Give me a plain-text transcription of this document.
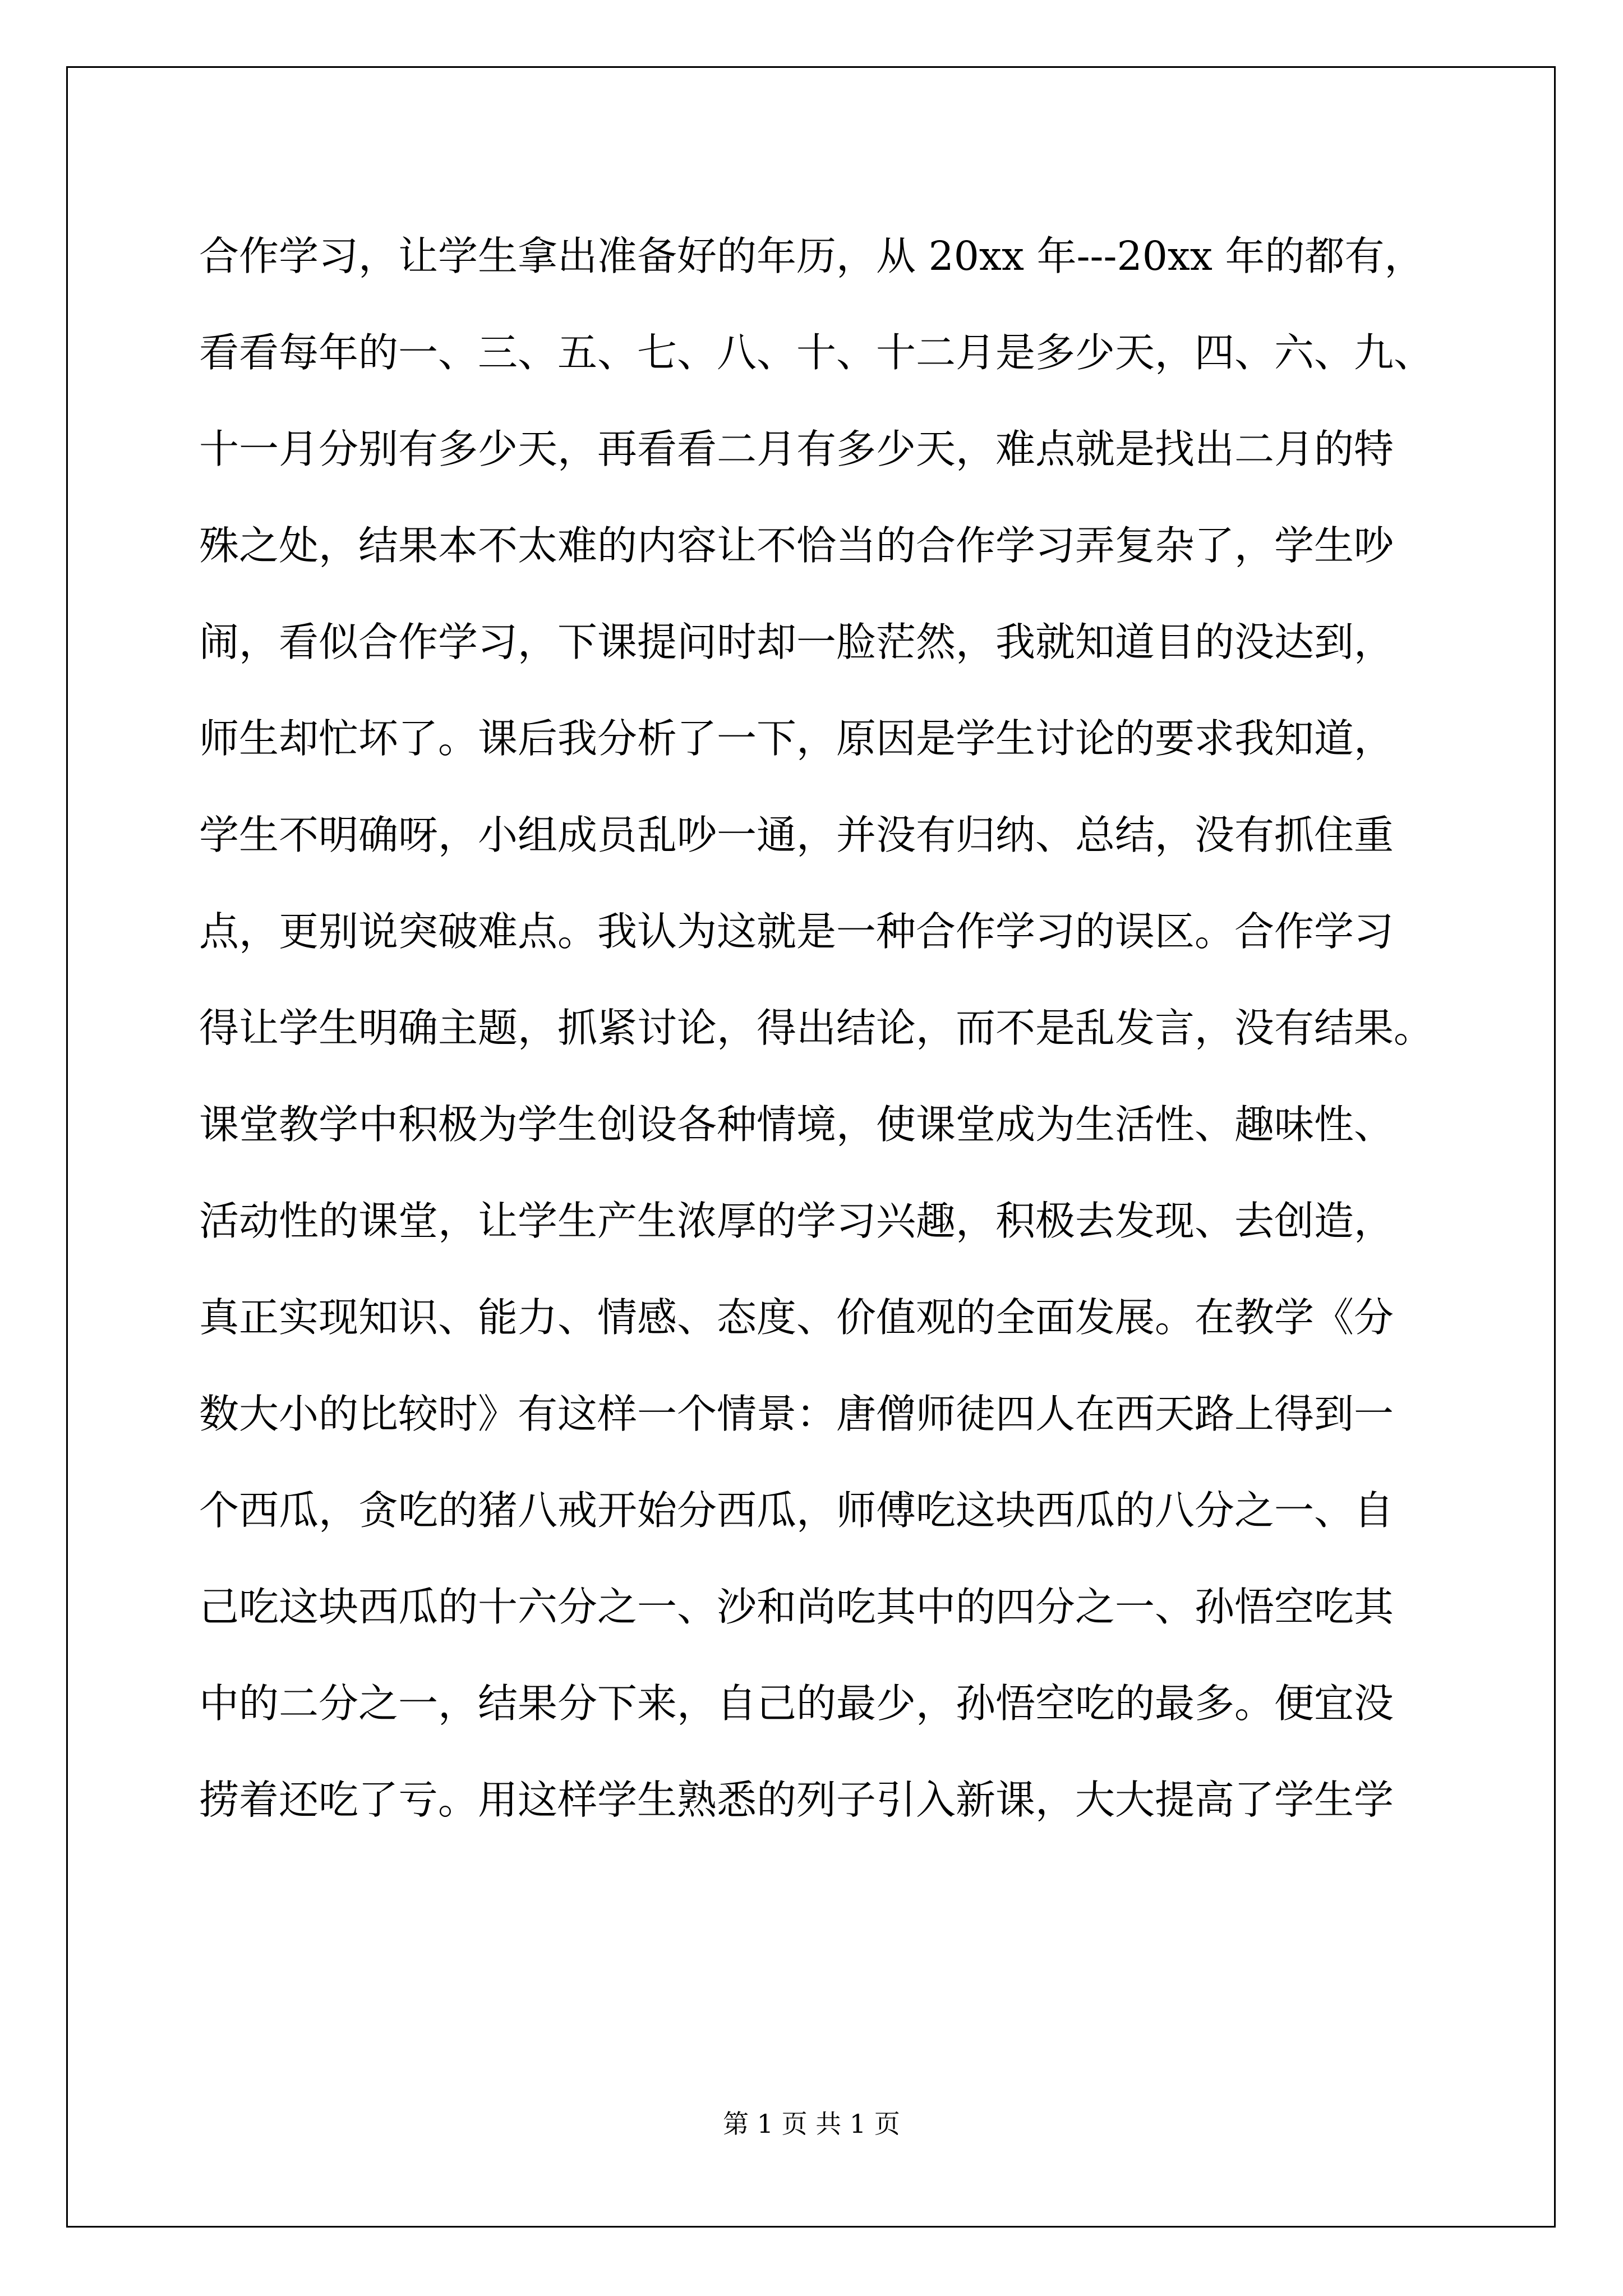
合作学习，让学生拿出准备好的年历，从 20xx 年---20xx 年的都有，
看看每年的一、三、五、七、八、十、十二月是多少天，四、六、九、
十一月分别有多少天，再看看二月有多少天，难点就是找出二月的特
殊之处，结果本不太难的内容让不恰当的合作学习弄复杂了，学生吵
闹，看似合作学习，下课提问时却一脸茫然，我就知道目的没达到，
师生却忙坏了。课后我分析了一下，原因是学生讨论的要求我知道，
学生不明确呀，小组成员乱吵一通，并没有归纳、总结，没有抓住重
点，更别说突破难点。我认为这就是一种合作学习的误区。合作学习
得让学生明确主题，抓紧讨论，得出结论，而不是乱发言，没有结果。
课堂教学中积极为学生创设各种情境，使课堂成为生活性、趣味性、
活动性的课堂，让学生产生浓厚的学习兴趣，积极去发现、去创造，
真正实现知识、能力、情感、态度、价值观的全面发展。在教学《分
数大小的比较时》有这样一个情景：唐僧师徒四人在西天路上得到一
个西瓜，贪吃的猪八戒开始分西瓜，师傅吃这块西瓜的八分之一、自
己吃这块西瓜的十六分之一、沙和尚吃其中的四分之一、孙悟空吃其
中的二分之一，结果分下来，自己的最少，孙悟空吃的最多。便宜没
捞着还吃了亏。用这样学生熟悉的列子引入新课，大大提高了学生学
第 1 页 共 1 页
